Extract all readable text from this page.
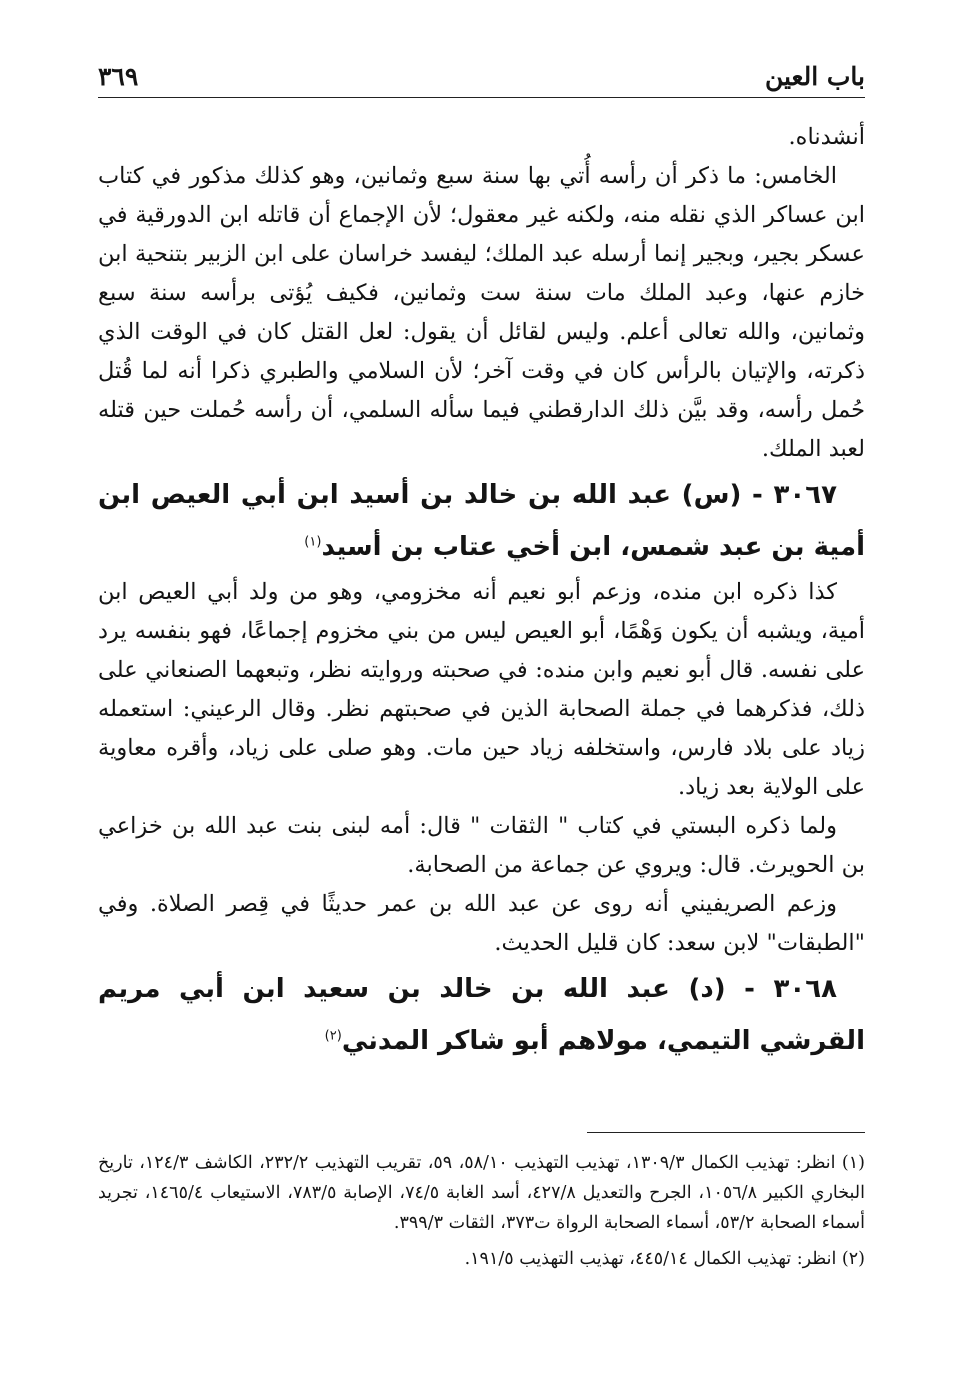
باب العين
٣٦٩

أنشدناه.

الخامس: ما ذكر أن رأسه أُتي بها سنة سبع وثمانين، وهو كذلك مذكور في كتاب ابن عساكر الذي نقله منه، ولكنه غير معقول؛ لأن الإجماع أن قاتله ابن الدورقية في عسكر بجير، وبجير إنما أرسله عبد الملك؛ ليفسد خراسان على ابن الزبير بتنحية ابن خازم عنها، وعبد الملك مات سنة ست وثمانين، فكيف يُؤتى برأسه سنة سبع وثمانين، والله تعالى أعلم. وليس لقائل أن يقول: لعل القتل كان في الوقت الذي ذكرته، والإتيان بالرأس كان في وقت آخر؛ لأن السلامي والطبري ذكرا أنه لما قُتل حُمل رأسه، وقد بيَّن ذلك الدارقطني فيما سأله السلمي، أن رأسه حُملت حين قتله لعبد الملك.

٣٠٦٧ - (س) عبد الله بن خالد بن أسيد ابن أبي العيص ابن أمية بن عبد شمس، ابن أخي عتاب بن أسيد$^{(١)}$

كذا ذكره ابن منده، وزعم أبو نعيم أنه مخزومي، وهو من ولد أبي العيص ابن أمية، ويشبه أن يكون وَهْمًا، أبو العيص ليس من بني مخزوم إجماعًا، فهو بنفسه يرد على نفسه. قال أبو نعيم وابن منده: في صحبته وروايته نظر، وتبعهما الصنعاني على ذلك، فذكرهما في جملة الصحابة الذين في صحبتهم نظر. وقال الرعيني: استعمله زياد على بلاد فارس، واستخلفه زياد حين مات. وهو صلى على زياد، وأقره معاوية على الولاية بعد زياد.

ولما ذكره البستي في كتاب " الثقات " قال: أمه لبنى بنت عبد الله بن خزاعي بن الحويرث. قال: ويروي عن جماعة من الصحابة.

وزعم الصريفيني أنه روى عن عبد الله بن عمر حديثًا في قِصر الصلاة. وفي "الطبقات" لابن سعد: كان قليل الحديث.

٣٠٦٨ - (د) عبد الله بن خالد بن سعيد ابن أبي مريم القرشي التيمي، مولاهم أبو شاكر المدني$^{(٢)}$

(١) انظر: تهذيب الكمال ١٣٠٩/٣، تهذيب التهذيب ٥٨/١٠، ٥٩، تقريب التهذيب ٢٣٢/٢، الكاشف ١٢٤/٣، تاريخ البخاري الكبير ١٠٥٦/٨، الجرح والتعديل ٤٢٧/٨، أسد الغابة ٧٤/٥، الإصابة ٧٨٣/٥، الاستيعاب ١٤٦٥/٤، تجريد أسماء الصحابة ٥٣/٢، أسماء الصحابة الرواة ت٣٧٣، الثقات ٣٩٩/٣.

(٢) انظر: تهذيب الكمال ٤٤٥/١٤، تهذيب التهذيب ١٩١/٥.
